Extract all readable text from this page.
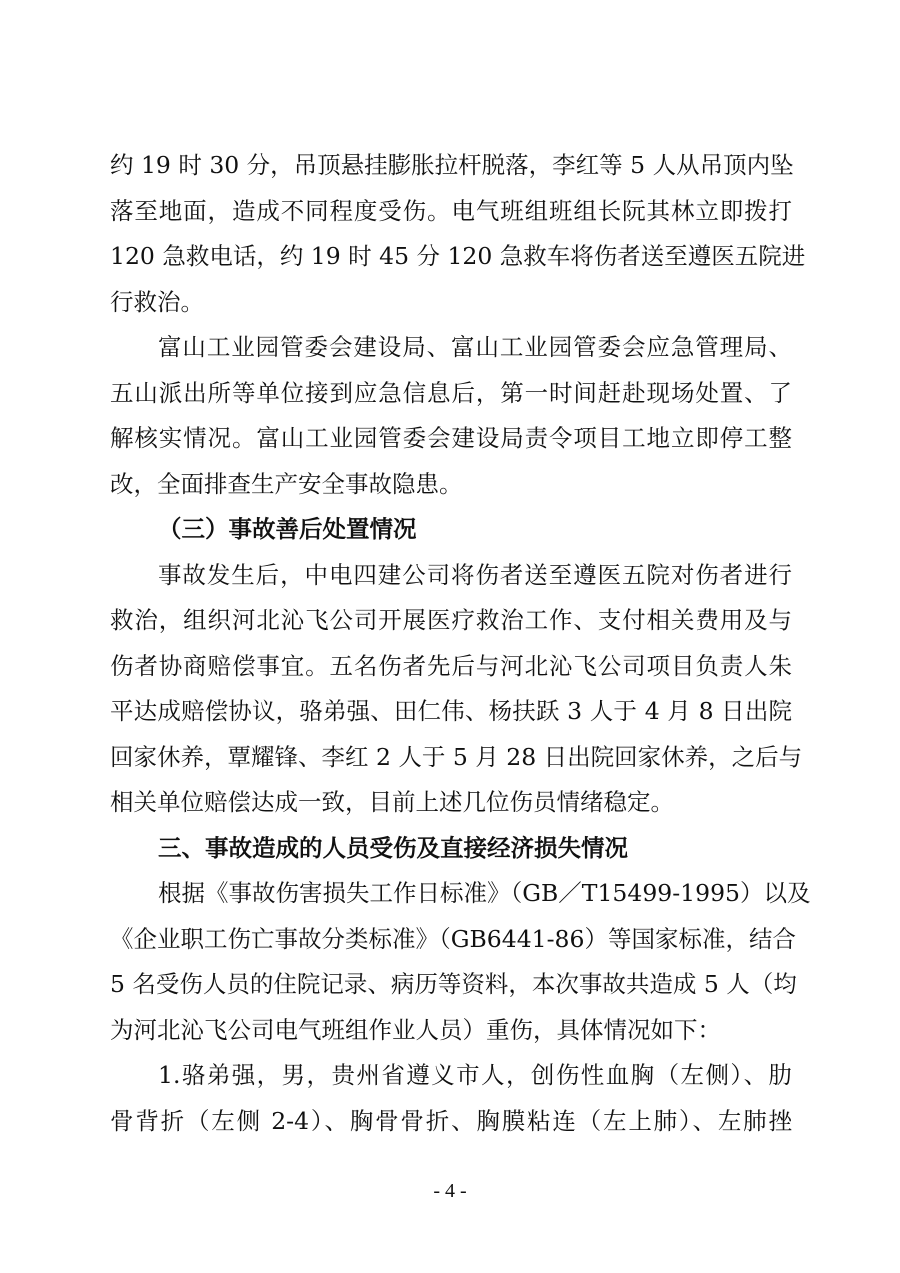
约 19 时 30 分，吊顶悬挂膨胀拉杆脱落，李红等 5 人从吊顶内坠
落至地面，造成不同程度受伤。电气班组班组长阮其林立即拨打
120 急救电话，约 19 时 45 分 120 急救车将伤者送至遵医五院进
行救治。
富山工业园管委会建设局、富山工业园管委会应急管理局、
五山派出所等单位接到应急信息后，第一时间赶赴现场处置、了
解核实情况。富山工业园管委会建设局责令项目工地立即停工整
改，全面排查生产安全事故隐患。
（三）事故善后处置情况
事故发生后，中电四建公司将伤者送至遵医五院对伤者进行
救治，组织河北沁飞公司开展医疗救治工作、支付相关费用及与
伤者协商赔偿事宜。五名伤者先后与河北沁飞公司项目负责人朱
平达成赔偿协议，骆弟强、田仁伟、杨扶跃 3 人于 4 月 8 日出院
回家休养，覃耀锋、李红 2 人于 5 月 28 日出院回家休养，之后与
相关单位赔偿达成一致，目前上述几位伤员情绪稳定。
三、事故造成的人员受伤及直接经济损失情况
根据《事故伤害损失工作日标准》（GB／T15499-1995）以及
《企业职工伤亡事故分类标准》（GB6441-86）等国家标准，结合
5 名受伤人员的住院记录、病历等资料，本次事故共造成 5 人（均
为河北沁飞公司电气班组作业人员）重伤，具体情况如下：
1.骆弟强，男，贵州省遵义市人，创伤性血胸（左侧）、肋
骨背折（左侧 2-4）、胸骨骨折、胸膜粘连（左上肺）、左肺挫
- 4 -
